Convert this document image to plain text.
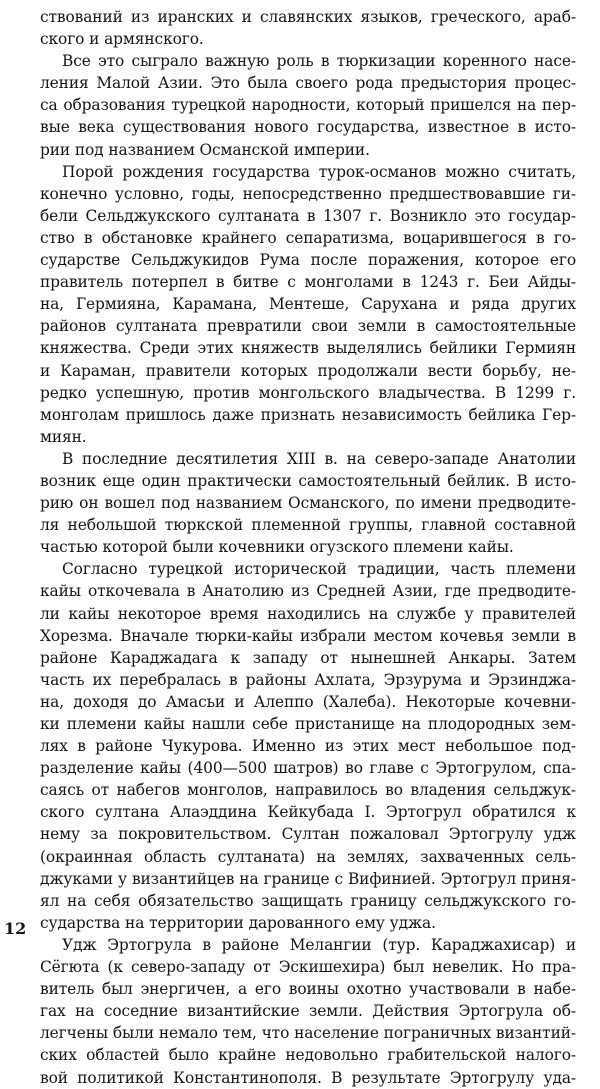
ствований из иранских и славянских языков, греческого, араб-
ского и армянского.
Все это сыграло важную роль в тюркизации коренного насе-
ления Малой Азии. Это была своего рода предыстория процес-
са образования турецкой народности, который пришелся на пер-
вые века существования нового государства, известное в исто-
рии под названием Османской империи.
Порой рождения государства турок-османов можно считать,
конечно условно, годы, непосредственно предшествовавшие ги-
бели Сельджукского султаната в 1307 г. Возникло это государ-
ство в обстановке крайнего сепаратизма, воцарившегося в го-
сударстве Сельджукидов Рума после поражения, которое его
правитель потерпел в битве с монголами в 1243 г. Беи Айды-
на, Гермияна, Карамана, Ментеше, Саруханa и ряда других
районов султаната превратили свои земли в самостоятельные
княжества. Среди этих княжеств выделялись бейлики Гермиян
и Караман, правители которых продолжали вести борьбу, не-
редко успешную, против монгольского владычества. В 1299 г.
монголам пришлось даже признать независимость бейлика Гер-
миян.
В последние десятилетия XIII в. на северо-западе Анатолии
возник еще один практически самостоятельный бейлик. В исто-
рию он вошел под названием Османского, по имени предводите-
ля небольшой тюркской племенной группы, главной составной
частью которой были кочевники огузского племени кайы.
Согласно турецкой исторической традиции, часть племени
кайы откочевала в Анатолию из Средней Азии, где предводите-
ли кайы некоторое время находились на службе у правителей
Хорезма. Вначале тюрки-кайы избрали местом кочевья земли в
районе Караджадага к западу от нынешней Анкары. Затем
часть их перебралась в районы Ахлата, Эрзурума и Эрзинджа-
на, доходя до Амасьи и Алеппо (Халеба). Некоторые кочевни-
ки племени кайы нашли себе пристанище на плодородных зем-
лях в районе Чукурова. Именно из этих мест небольшое под-
разделение кайы (400—500 шатров) во главе с Эртогрулом, спа-
саясь от набегов монголов, направилось во владения сельджук-
ского султана Алаэддина Кейкубада I. Эртогрул обратился к
нему за покровительством. Султан пожаловал Эртогрулу удж
(окраинная область султаната) на землях, захваченных сель-
джуками у византийцев на границе с Вифинией. Эртогрул приня-
ял на себя обязательство защищать границу сельджукского го-
сударства на территории дарованного ему уджа.
Удж Эртогрула в районе Мелангии (тур. Караджахисар) и
Сёгюта (к северо-западу от Эскишехира) был невелик. Но пра-
витель был энергичен, а его воины охотно участвовали в набе-
гах на соседние византийские земли. Действия Эртогрула об-
легчены были немало тем, что население пограничных византий-
ских областей было крайне недовольно грабительской налого-
вой политикой Константинополя. В результате Эртогрулу уда-
12
